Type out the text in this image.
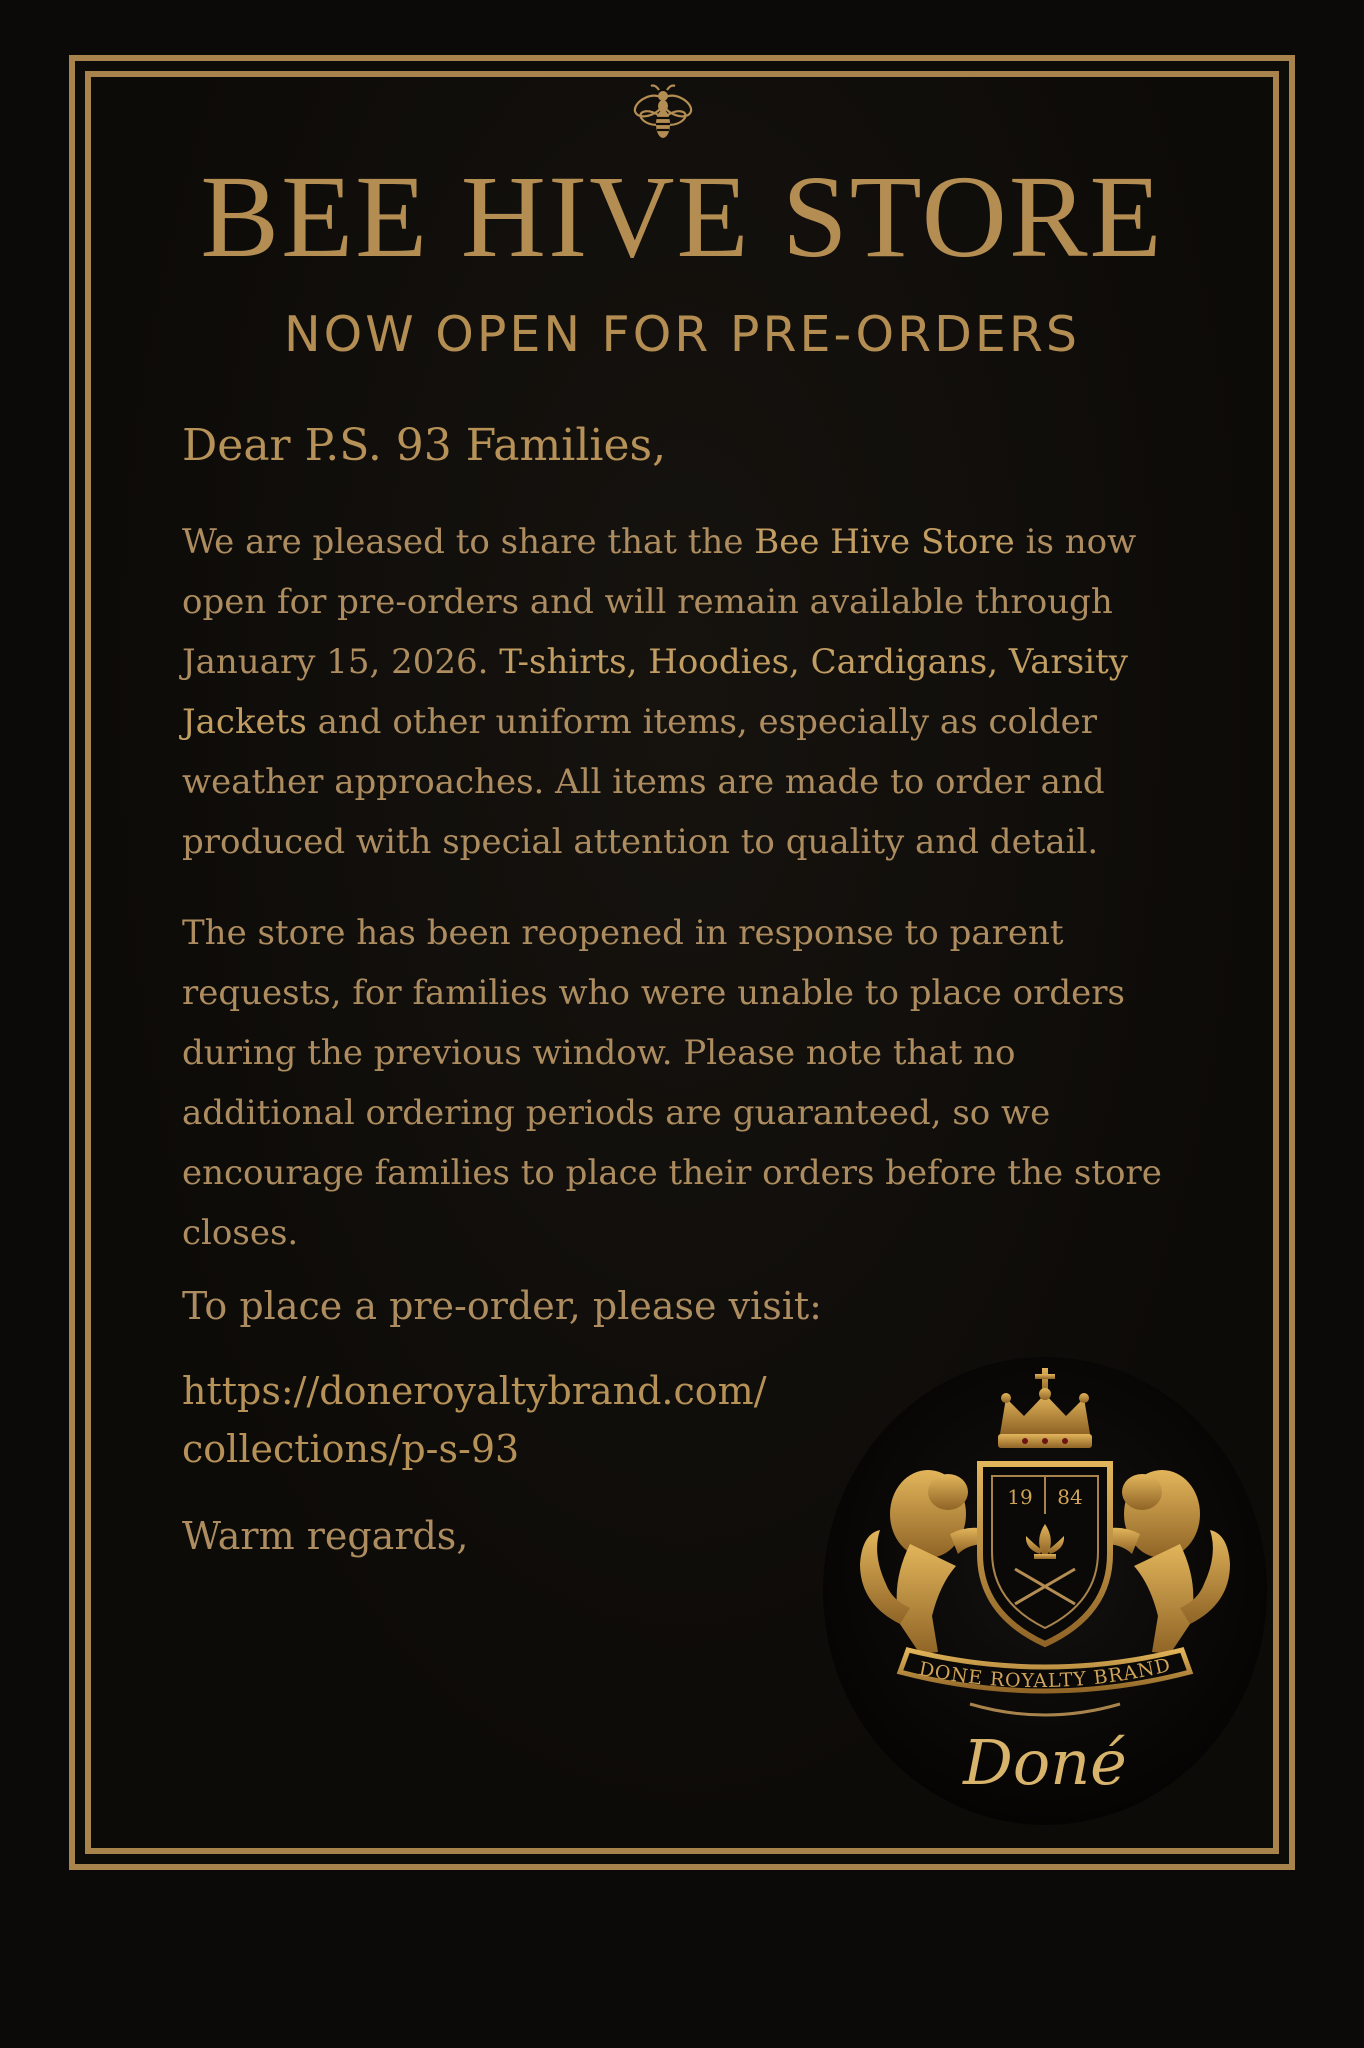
BEE HIVE STORE
NOW OPEN FOR PRE-ORDERS
Dear P.S. 93 Families,
We are pleased to share that the Bee Hive Store is now open for pre-orders and will remain available through January 15, 2026. T-shirts, Hoodies, Cardigans, Varsity Jackets and other uniform items, especially as colder weather approaches. All items are made to order and produced with special attention to quality and detail.
The store has been reopened in response to parent requests, for families who were unable to place orders during the previous window. Please note that no additional ordering periods are guaranteed, so we encourage families to place their orders before the store closes.
To place a pre-order, please visit:
https://doneroyaltybrand.com/
collections/p-s-93
Warm regards,
19 84
DONE ROYALTY BRAND
Doné
